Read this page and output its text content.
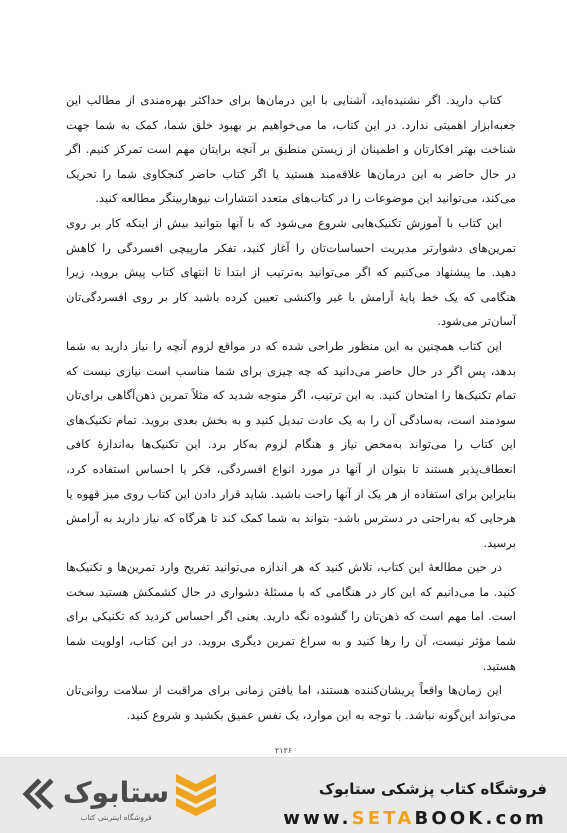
کتاب دارید. اگر نشنیده‌اید، آشنایی با این درمان‌ها برای حداکثر بهره‌مندی از مطالب این جعبه‌ابزار اهمیتی ندارد. در این کتاب، ما می‌خواهیم بر بهبود خلق شما، کمک به شما جهت شناخت بهتر افکارتان و اطمینان از زیستن منطبق بر آنچه برایتان مهم است تمرکز کنیم. اگر در حال حاضر به این درمان‌ها علاقه‌مند هستید یا اگر کتاب حاضر کنجکاوی شما را تحریک می‌کند، می‌توانید این موضوعات را در کتاب‌های متعدد انتشارات نیوهاربینگر مطالعه کنید.

این کتاب با آموزش تکنیک‌هایی شروع می‌شود که با آنها بتوانید بیش از اینکه کار بر روی تمرین‌های دشوارتر مدیریت احساسات‌تان را آغاز کنید، تفکر مارپیچی افسردگی را کاهش دهید. ما پیشنهاد می‌کنیم که اگر می‌توانید به‌ترتیب از ابتدا تا انتهای کتاب پیش بروید، زیرا هنگامی که یک خط پایهٔ آرامش با غیر واکنشی تعیین کرده باشید کار بر روی افسردگی‌تان آسان‌تر می‌شود.

این کتاب همچنین به این منظور طراحی شده که در مواقع لزوم آنچه را نیاز دارید به شما بدهد، پس اگر در حال حاضر می‌دانید که چه چیزی برای شما مناسب است نیازی نیست که تمام تکنیک‌ها را امتحان کنید. به این ترتیب، اگر متوجه شدید که مثلاً تمرین ذهن‌آگاهی برای‌تان سودمند است، به‌سادگی آن را به یک عادت تبدیل کنید و به بخش بعدی بروید. تمام تکنیک‌های این کتاب را می‌تواند به‌محض نیاز و هنگام لزوم به‌کار برد. این تکنیک‌ها به‌اندازهٔ کافی انعطاف‌پذیر هستند تا بتوان از آنها در مورد انواع افسردگی، فکر یا احساس استفاده کرد، بنابراین برای استفاده از هر یک از آنها راحت باشید. شاید قرار دادن این کتاب روی میز قهوه یا هرجایی که به‌راحتی در دسترس باشد- بتواند به شما کمک کند تا هرگاه که نیاز دارید به آرامش برسید.

در حین مطالعهٔ این کتاب، تلاش کنید که هر اندازه می‌توانید تفریح وارد تمرین‌ها و تکنیک‌ها کنید. ما می‌دانیم که این کار در هنگامی که با مسئلهٔ دشواری در حال کشمکش هستید سخت است. اما مهم است که ذهن‌تان را گشوده نگه دارید. یعنی اگر احساس کردید که تکنیکی برای شما مؤثر نیست، آن را رها کنید و به سراغ تمرین دیگری بروید. در این کتاب، اولویت شما هستید.

این زمان‌ها واقعاً پریشان‌کننده هستند، اما یافتن زمانی برای مراقبت از سلامت روانی‌تان می‌تواند این‌گونه نباشد. با توجه به این موارد، یک نفس عمیق بکشید و شروع کنید.

۲۱۲۶
ستابوک
فروشگاه اینترنتی کتاب
فروشگاه کتاب پزشکی ستابوک
www.SETABOOK.com
